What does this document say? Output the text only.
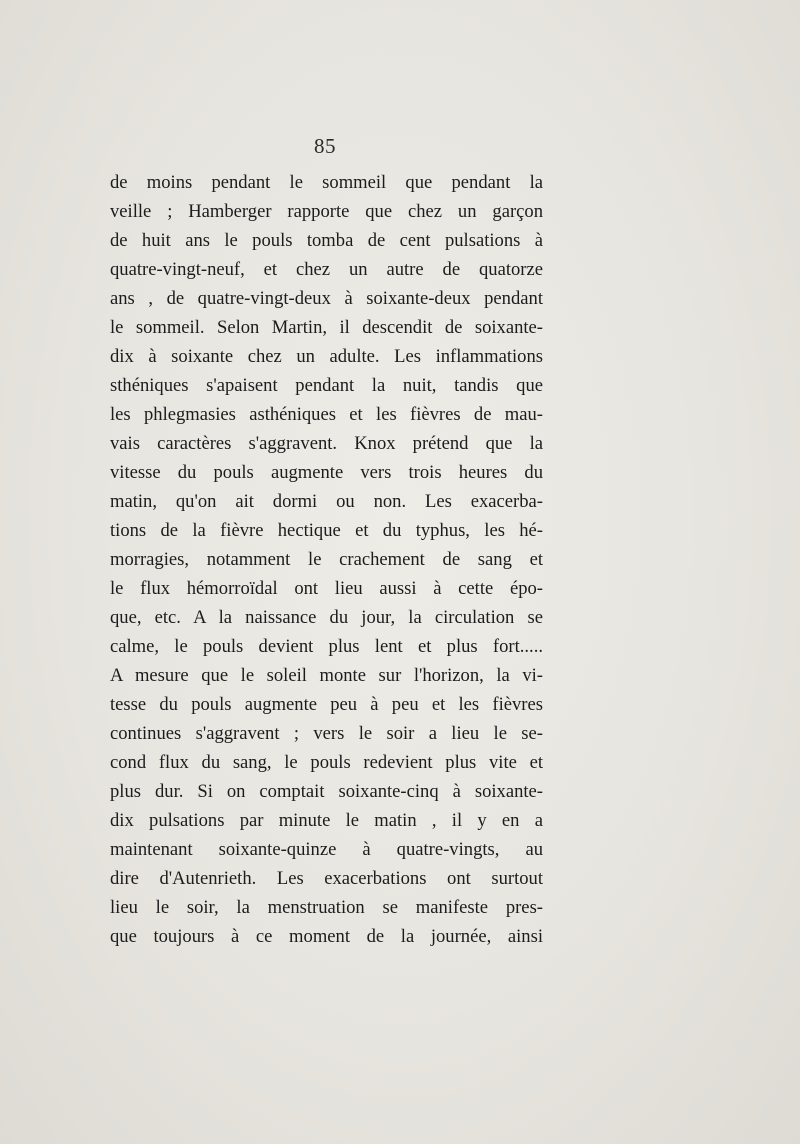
85
de moins pendant le sommeil que pendant la
veille ; Hamberger rapporte que chez un garçon
de huit ans le pouls tomba de cent pulsations à
quatre-vingt-neuf, et chez un autre de quatorze
ans , de quatre-vingt-deux à soixante-deux pendant
le sommeil. Selon Martin, il descendit de soixante-
dix à soixante chez un adulte. Les inflammations
sthéniques s'apaisent pendant la nuit, tandis que
les phlegmasies asthéniques et les fièvres de mau-
vais caractères s'aggravent. Knox prétend que la
vitesse du pouls augmente vers trois heures du
matin, qu'on ait dormi ou non. Les exacerba-
tions de la fièvre hectique et du typhus, les hé-
morragies, notamment le crachement de sang et
le flux hémorroïdal ont lieu aussi à cette épo-
que, etc. A la naissance du jour, la circulation se
calme, le pouls devient plus lent et plus fort.....
A mesure que le soleil monte sur l'horizon, la vi-
tesse du pouls augmente peu à peu et les fièvres
continues s'aggravent ; vers le soir a lieu le se-
cond flux du sang, le pouls redevient plus vite et
plus dur. Si on comptait soixante-cinq à soixante-
dix pulsations par minute le matin , il y en a
maintenant soixante-quinze à quatre-vingts, au
dire d'Autenrieth. Les exacerbations ont surtout
lieu le soir, la menstruation se manifeste pres-
que toujours à ce moment de la journée, ainsi
